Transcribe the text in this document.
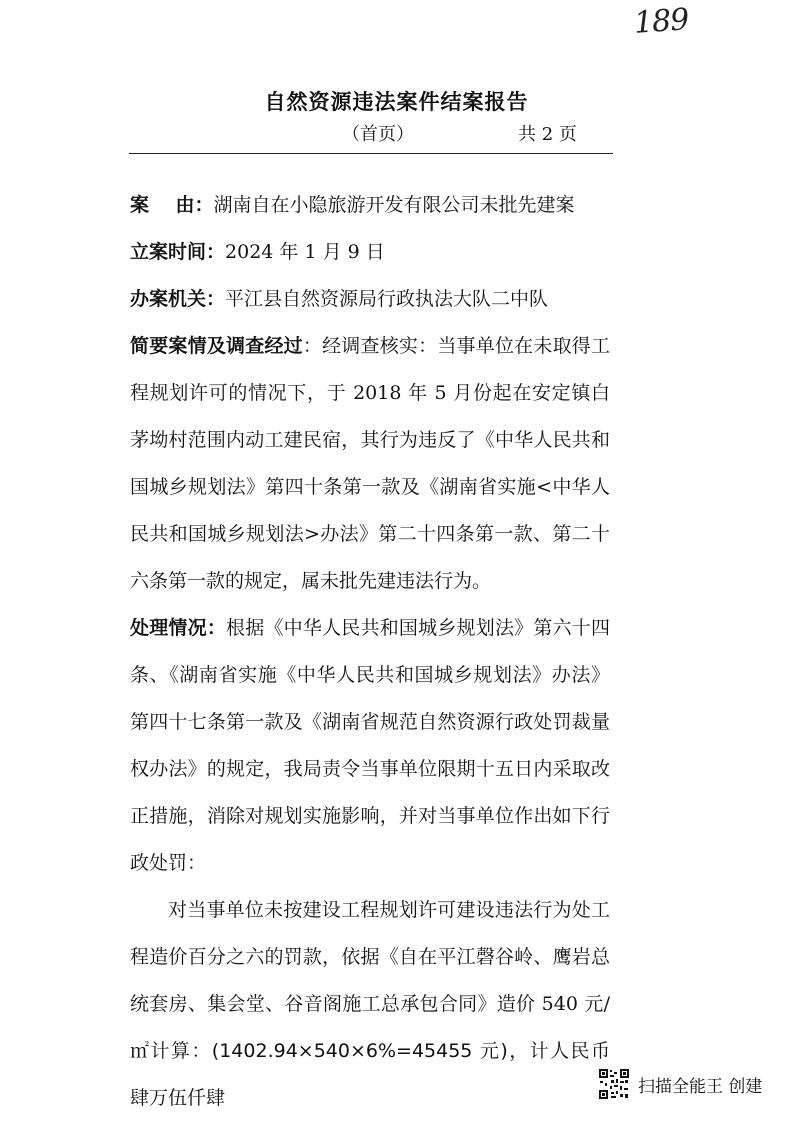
189
自然资源违法案件结案报告
（首页）	共 2 页

案    由：湖南自在小隐旅游开发有限公司未批先建案

立案时间：2024 年 1 月 9 日

办案机关：平江县自然资源局行政执法大队二中队

简要案情及调查经过：经调查核实：当事单位在未取得工程规划许可的情况下，于 2018 年 5 月份起在安定镇白茅坳村范围内动工建民宿，其行为违反了《中华人民共和国城乡规划法》第四十条第一款及《湖南省实施<中华人民共和国城乡规划法>办法》第二十四条第一款、第二十六条第一款的规定，属未批先建违法行为。

处理情况：根据《中华人民共和国城乡规划法》第六十四条、《湖南省实施《中华人民共和国城乡规划法》办法》第四十七条第一款及《湖南省规范自然资源行政处罚裁量权办法》的规定，我局责令当事单位限期十五日内采取改正措施，消除对规划实施影响，并对当事单位作出如下行政处罚：

对当事单位未按建设工程规划许可建设违法行为处工程造价百分之六的罚款，依据《自在平江磬谷岭、鹰岩总统套房、集会堂、谷音阁施工总承包合同》造价 540 元/㎡计算：(1402.94×540×6%=45455 元)，计人民币肆万伍仟肆

扫描全能王 创建
